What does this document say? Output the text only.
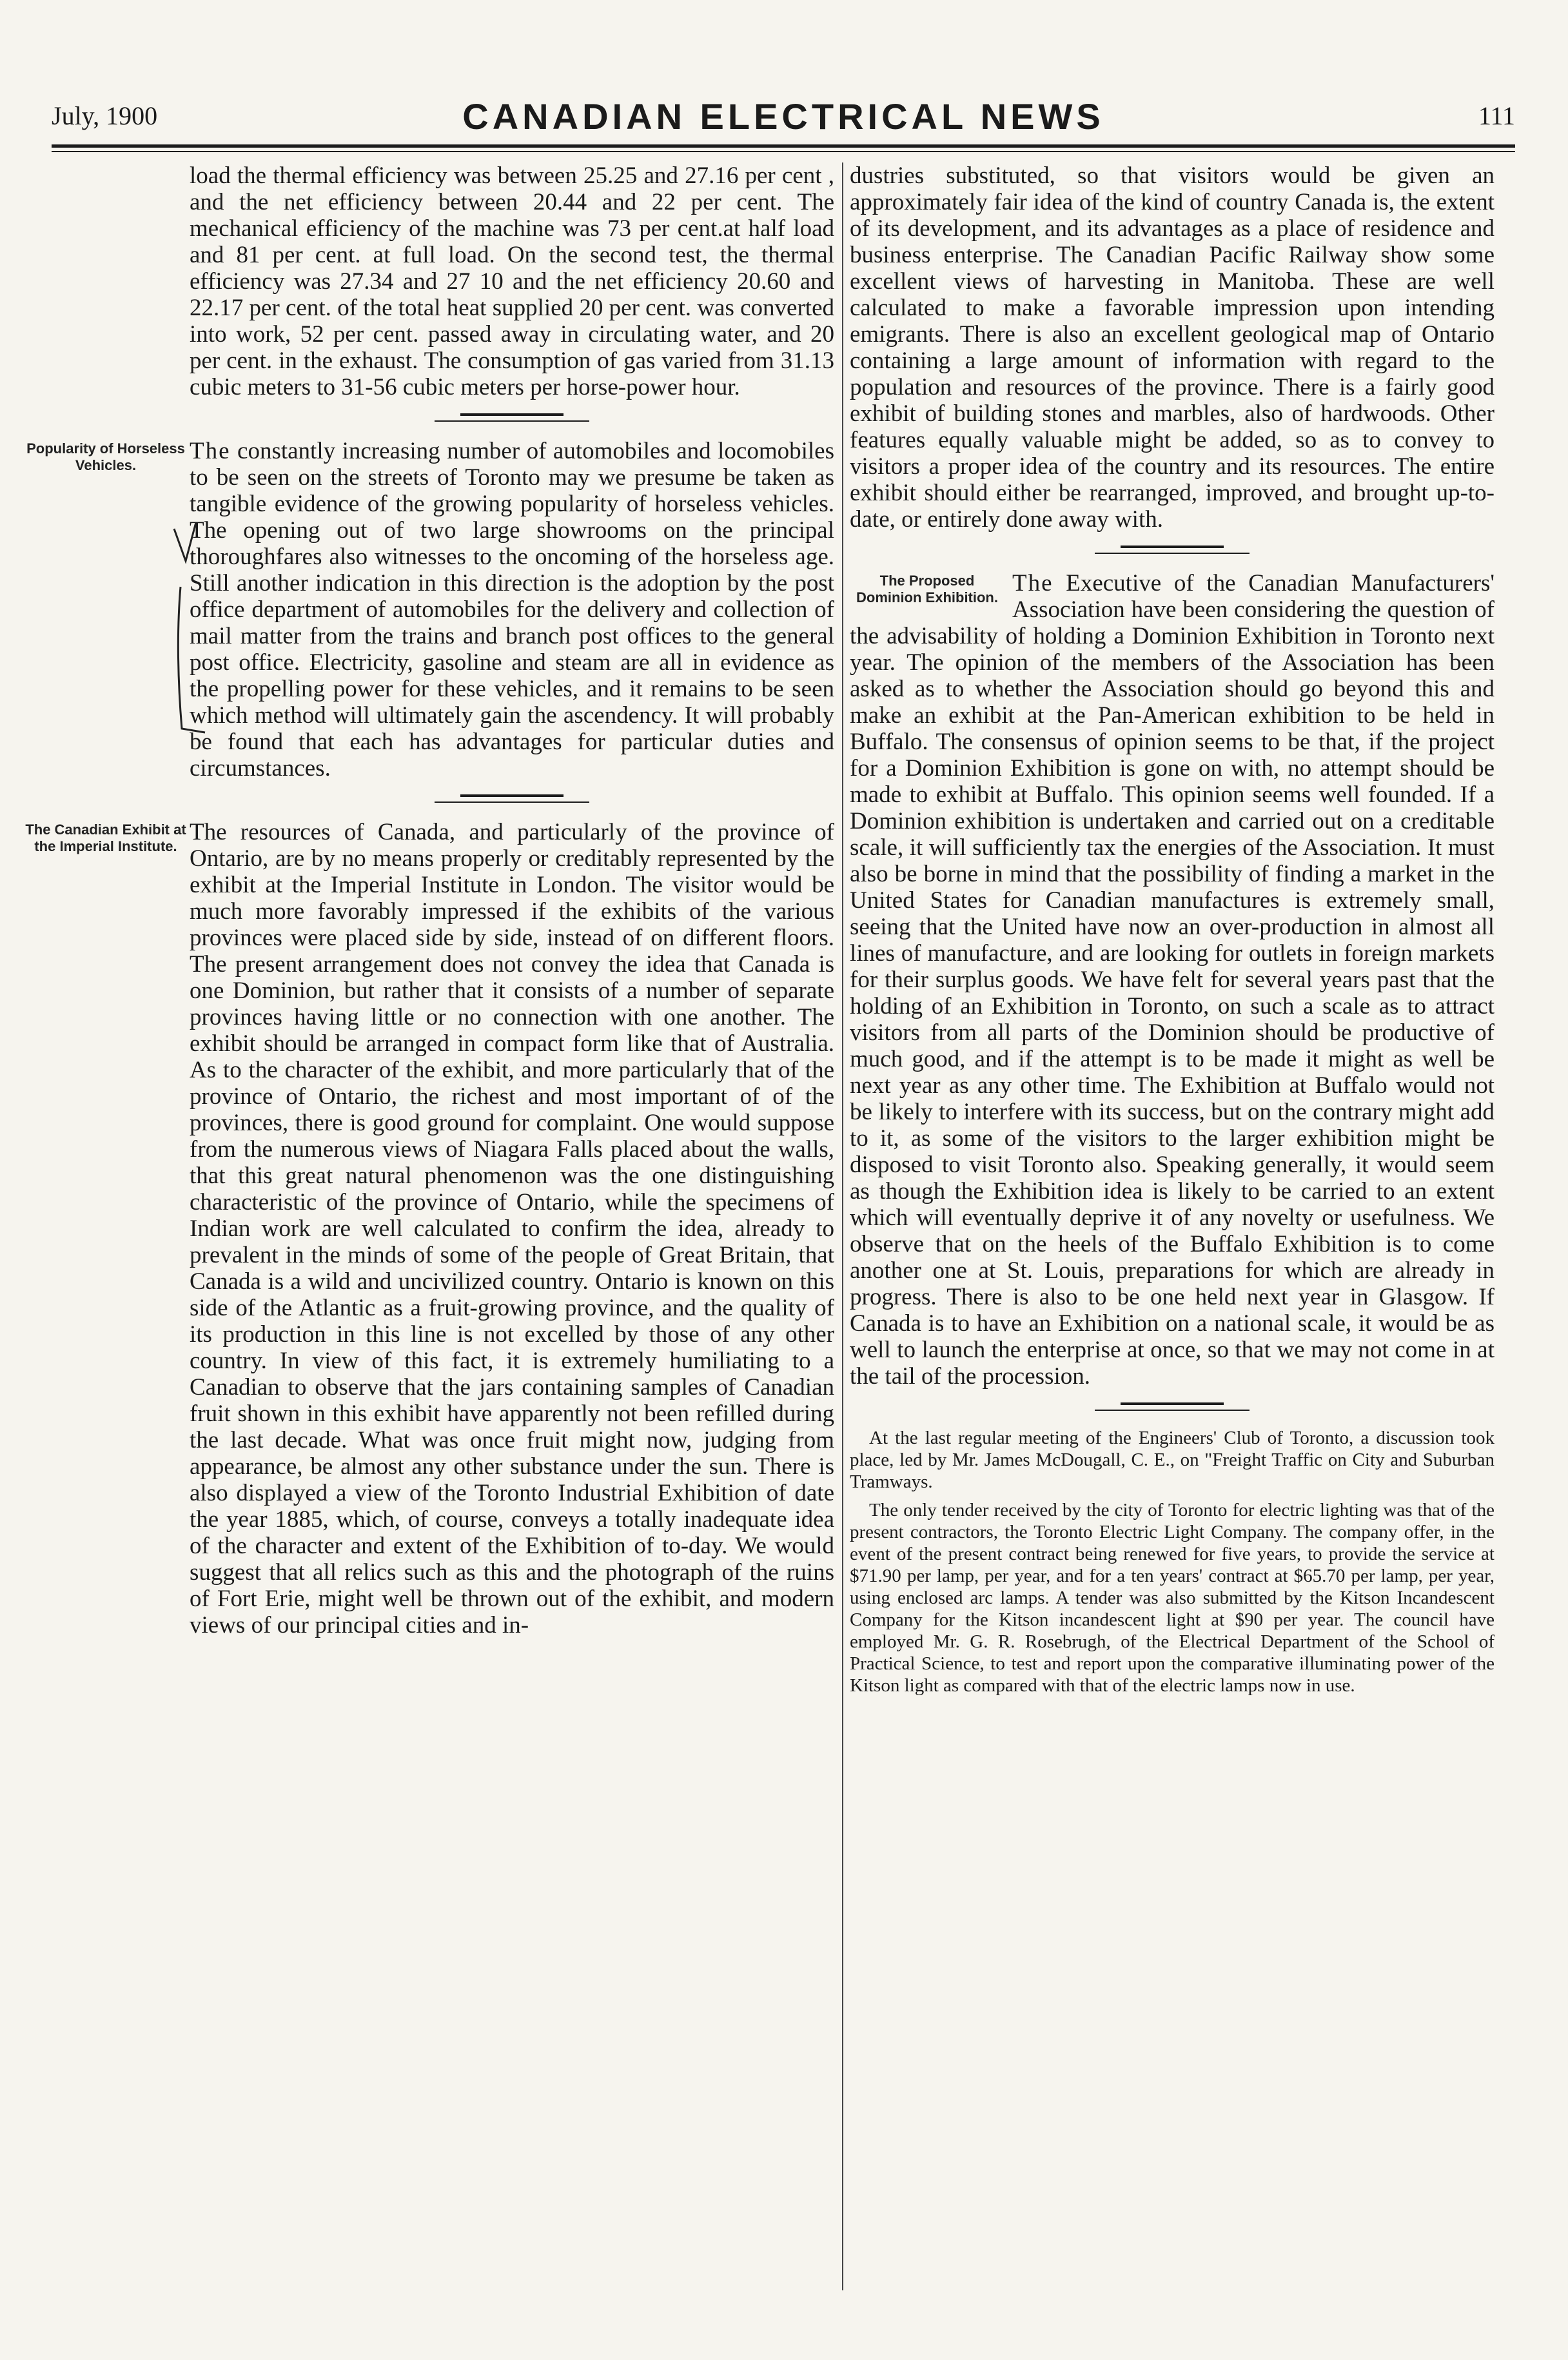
July, 1900	CANADIAN ELECTRICAL NEWS	111

load the thermal efficiency was between 25.25 and 27.16 per cent , and the net efficiency between 20.44 and 22 per cent. The mechanical efficiency of the machine was 73 per cent.at half load and 81 per cent. at full load. On the second test, the thermal efficiency was 27.34 and 27 10 and the net efficiency 20.60 and 22.17 per cent. of the total heat supplied 20 per cent. was converted into work, 52 per cent. passed away in circulating water, and 20 per cent. in the exhaust. The consumption of gas varied from 31.13 cubic meters to 31-56 cubic meters per horse-power hour.

Popularity of Horseless Vehicles.

The constantly increasing number of automobiles and locomobiles to be seen on the streets of Toronto may we presume be taken as tangible evidence of the growing popularity of horseless vehicles. The opening out of two large showrooms on the principal thoroughfares also witnesses to the oncoming of the horseless age. Still another indication in this direction is the adoption by the post office department of automobiles for the delivery and collection of mail matter from the trains and branch post offices to the general post office. Electricity, gasoline and steam are all in evidence as the propelling power for these vehicles, and it remains to be seen which method will ultimately gain the ascendency. It will probably be found that each has advantages for particular duties and circumstances.

The Canadian Exhibit at the Imperial Institute.

The resources of Canada, and particularly of the province of Ontario, are by no means properly or creditably represented by the exhibit at the Imperial Institute in London. The visitor would be much more favorably impressed if the exhibits of the various provinces were placed side by side, instead of on different floors. The present arrangement does not convey the idea that Canada is one Dominion, but rather that it consists of a number of separate provinces having little or no connection with one another. The exhibit should be arranged in compact form like that of Australia. As to the character of the exhibit, and more particularly that of the province of Ontario, the richest and most important of of the provinces, there is good ground for complaint. One would suppose from the numerous views of Niagara Falls placed about the walls, that this great natural phenomenon was the one distinguishing characteristic of the province of Ontario, while the specimens of Indian work are well calculated to confirm the idea, already to prevalent in the minds of some of the people of Great Britain, that Canada is a wild and uncivilized country. Ontario is known on this side of the Atlantic as a fruit-growing province, and the quality of its production in this line is not excelled by those of any other country. In view of this fact, it is extremely humiliating to a Canadian to observe that the jars containing samples of Canadian fruit shown in this exhibit have apparently not been refilled during the last decade. What was once fruit might now, judging from appearance, be almost any other substance under the sun. There is also displayed a view of the Toronto Industrial Exhibition of date the year 1885, which, of course, conveys a totally inadequate idea of the character and extent of the Exhibition of to-day. We would suggest that all relics such as this and the photograph of the ruins of Fort Erie, might well be thrown out of the exhibit, and modern views of our principal cities and in-

dustries substituted, so that visitors would be given an approximately fair idea of the kind of country Canada is, the extent of its development, and its advantages as a place of residence and business enterprise. The Canadian Pacific Railway show some excellent views of harvesting in Manitoba. These are well calculated to make a favorable impression upon intending emigrants. There is also an excellent geological map of Ontario containing a large amount of information with regard to the population and resources of the province. There is a fairly good exhibit of building stones and marbles, also of hardwoods. Other features equally valuable might be added, so as to convey to visitors a proper idea of the country and its resources. The entire exhibit should either be rearranged, improved, and brought up-to-date, or entirely done away with.

The Proposed Dominion Exhibition.

The Executive of the Canadian Manufacturers' Association have been considering the question of the advisability of holding a Dominion Exhibition in Toronto next year. The opinion of the members of the Association has been asked as to whether the Association should go beyond this and make an exhibit at the Pan-American exhibition to be held in Buffalo. The consensus of opinion seems to be that, if the project for a Dominion Exhibition is gone on with, no attempt should be made to exhibit at Buffalo. This opinion seems well founded. If a Dominion exhibition is undertaken and carried out on a creditable scale, it will sufficiently tax the energies of the Association. It must also be borne in mind that the possibility of finding a market in the United States for Canadian manufactures is extremely small, seeing that the United have now an over-production in almost all lines of manufacture, and are looking for outlets in foreign markets for their surplus goods. We have felt for several years past that the holding of an Exhibition in Toronto, on such a scale as to attract visitors from all parts of the Dominion should be productive of much good, and if the attempt is to be made it might as well be next year as any other time. The Exhibition at Buffalo would not be likely to interfere with its success, but on the contrary might add to it, as some of the visitors to the larger exhibition might be disposed to visit Toronto also. Speaking generally, it would seem as though the Exhibition idea is likely to be carried to an extent which will eventually deprive it of any novelty or usefulness. We observe that on the heels of the Buffalo Exhibition is to come another one at St. Louis, preparations for which are already in progress. There is also to be one held next year in Glasgow. If Canada is to have an Exhibition on a national scale, it would be as well to launch the enterprise at once, so that we may not come in at the tail of the procession.

At the last regular meeting of the Engineers' Club of Toronto, a discussion took place, led by Mr. James McDougall, C. E., on "Freight Traffic on City and Suburban Tramways.

The only tender received by the city of Toronto for electric lighting was that of the present contractors, the Toronto Electric Light Company. The company offer, in the event of the present contract being renewed for five years, to provide the service at $71.90 per lamp, per year, and for a ten years' contract at $65.70 per lamp, per year, using enclosed arc lamps. A tender was also submitted by the Kitson Incandescent Company for the Kitson incandescent light at $90 per year. The council have employed Mr. G. R. Rosebrugh, of the Electrical Department of the School of Practical Science, to test and report upon the comparative illuminating power of the Kitson light as compared with that of the electric lamps now in use.
